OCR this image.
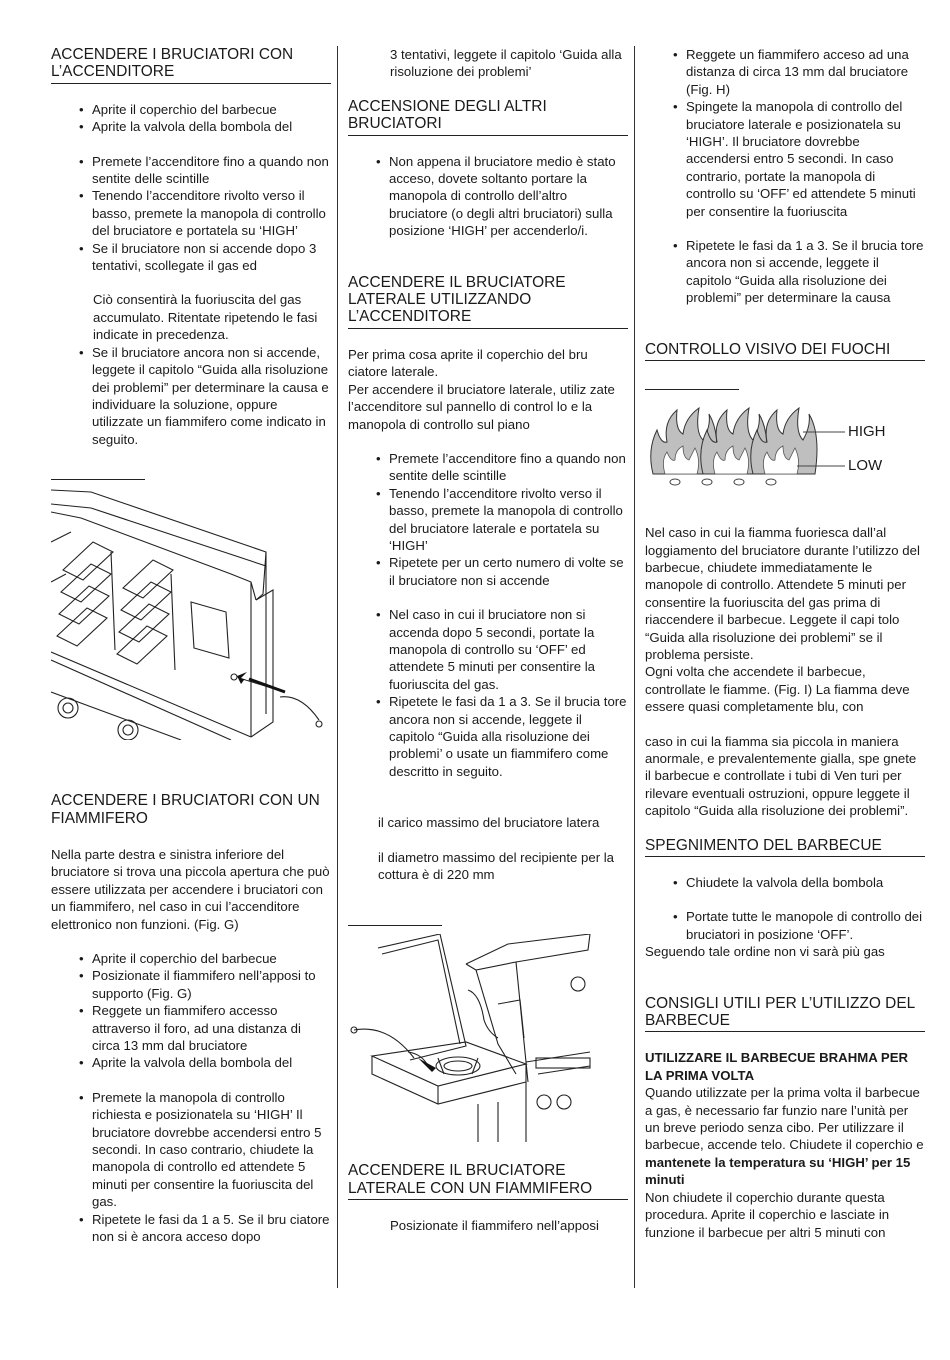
ACCENDERE I BRUCIATORI CON L’ACCENDITORE
• Aprite il coperchio del barbecue
• Aprite la valvola della bombola del
• Premete l’accenditore fino a quando non sentite delle scintille
• Tenendo l’accenditore rivolto verso il basso, premete la manopola di controllo del bruciatore e portatela su ‘HIGH’
• Se il bruciatore non si accende dopo 3 tentativi, scollegate il gas ed

Ciò consentirà la fuoriuscita del gas accumulato. Ritentate ripetendo le fasi indicate in precedenza.

• Se il bruciatore ancora non si accende, leggete il capitolo “Guida alla risoluzione dei problemi” per determinare la causa e individuare la soluzione, oppure utilizzate un fiammifero come indicato in seguito.
ACCENDERE I BRUCIATORI CON UN FIAMMIFERO

Nella parte destra e sinistra inferiore del bruciatore si trova una piccola apertura che può essere utilizzata per accendere i bruciatori con un fiammifero, nel caso in cui l’accenditore elettronico non funzioni. (Fig. G)

• Aprite il coperchio del barbecue
• Posizionate il fiammifero nell’apposi to supporto (Fig. G)
• Reggete un fiammifero accesso attraverso il foro, ad una distanza di circa 13 mm dal bruciatore
• Aprite la valvola della bombola del
• Premete la manopola di controllo richiesta e posizionatela su ‘HIGH’ Il bruciatore dovrebbe accendersi entro 5 secondi. In caso contrario, chiudete la manopola di controllo ed attendete 5 minuti per consentire la fuoriuscita del gas.
• Ripetete le fasi da 1 a 5. Se il bru ciatore non si è ancora acceso dopo

3 tentativi, leggete il capitolo ‘Guida alla risoluzione dei problemi’

ACCENSIONE DEGLI ALTRI BRUCIATORI
• Non appena il bruciatore medio è stato acceso, dovete soltanto portare la manopola di controllo dell’altro bruciatore (o degli altri bruciatori) sulla posizione ‘HIGH’ per accenderlo/i.
ACCENDERE IL BRUCIATORE LATERALE UTILIZZANDO L’ACCENDITORE

Per prima cosa aprite il coperchio del bru ciatore laterale.
Per accendere il bruciatore laterale, utiliz zate l’accenditore sul pannello di control lo e la manopola di controllo sul piano

• Premete l’accenditore fino a quando non sentite delle scintille
• Tenendo l’accenditore rivolto verso il basso, premete la manopola di controllo del bruciatore laterale e portatela su ‘HIGH’
• Ripetete per un certo numero di volte se il bruciatore non si accende
• Nel caso in cui il bruciatore non si accenda dopo 5 secondi, portate la manopola di controllo su ‘OFF’ ed attendete 5 minuti per consentire la fuoriuscita del gas.
• Ripetete le fasi da 1 a 3. Se il brucia tore ancora non si accende, leggete il capitolo “Guida alla risoluzione dei problemi’ o usate un fiammifero come descritto in seguito.

il carico massimo del bruciatore latera

il diametro massimo del recipiente per la cottura è di 220 mm

ACCENDERE IL BRUCIATORE LATERALE CON UN FIAMMIFERO

Posizionate il fiammifero nell’apposi

• Reggete un fiammifero acceso ad una distanza di circa 13 mm dal bruciatore (Fig. H)
• Spingete la manopola di controllo del bruciatore laterale e posizionatela su ‘HIGH’. Il bruciatore dovrebbe accendersi entro 5 secondi. In caso contrario, portate la manopola di controllo su ‘OFF’ ed attendete 5 minuti per consentire la fuoriuscita
• Ripetete le fasi da 1 a 3. Se il brucia tore ancora non si accende, leggete il capitolo “Guida alla risoluzione dei problemi” per determinare la causa
CONTROLLO VISIVO DEI FUOCHI
HIGH
LOW

Nel caso in cui la fiamma fuoriesca dall’al loggiamento del bruciatore durante l’utilizzo del barbecue, chiudete immediatamente le manopole di controllo. Attendete 5 minuti per consentire la fuoriuscita del gas prima di riaccendere il barbecue. Leggete il capi tolo “Guida alla risoluzione dei problemi” se il problema persiste.
Ogni volta che accendete il barbecue, controllate le fiamme. (Fig. I) La fiamma deve essere quasi completamente blu, con

caso in cui la fiamma sia piccola in maniera anormale, e prevalentemente gialla, spe gnete il barbecue e controllate i tubi di Ven turi per rilevare eventuali ostruzioni, oppure leggete il capitolo “Guida alla risoluzione dei problemi”.

SPEGNIMENTO DEL BARBECUE
• Chiudete la valvola della bombola
• Portate tutte le manopole di controllo dei bruciatori in posizione ‘OFF’.

Seguendo tale ordine non vi sarà più gas

CONSIGLI UTILI PER L’UTILIZZO DEL BARBECUE

UTILIZZARE IL BARBECUE BRAHMA PER LA PRIMA VOLTA

Quando utilizzate per la prima volta il barbecue a gas, è necessario far funzio nare l’unità per un breve periodo senza cibo. Per utilizzare il barbecue, accende telo. Chiudete il coperchio e mantenete la temperatura su ‘HIGH’ per 15 minuti
Non chiudete il coperchio durante questa procedura. Aprite il coperchio e lasciate in funzione il barbecue per altri 5 minuti con
